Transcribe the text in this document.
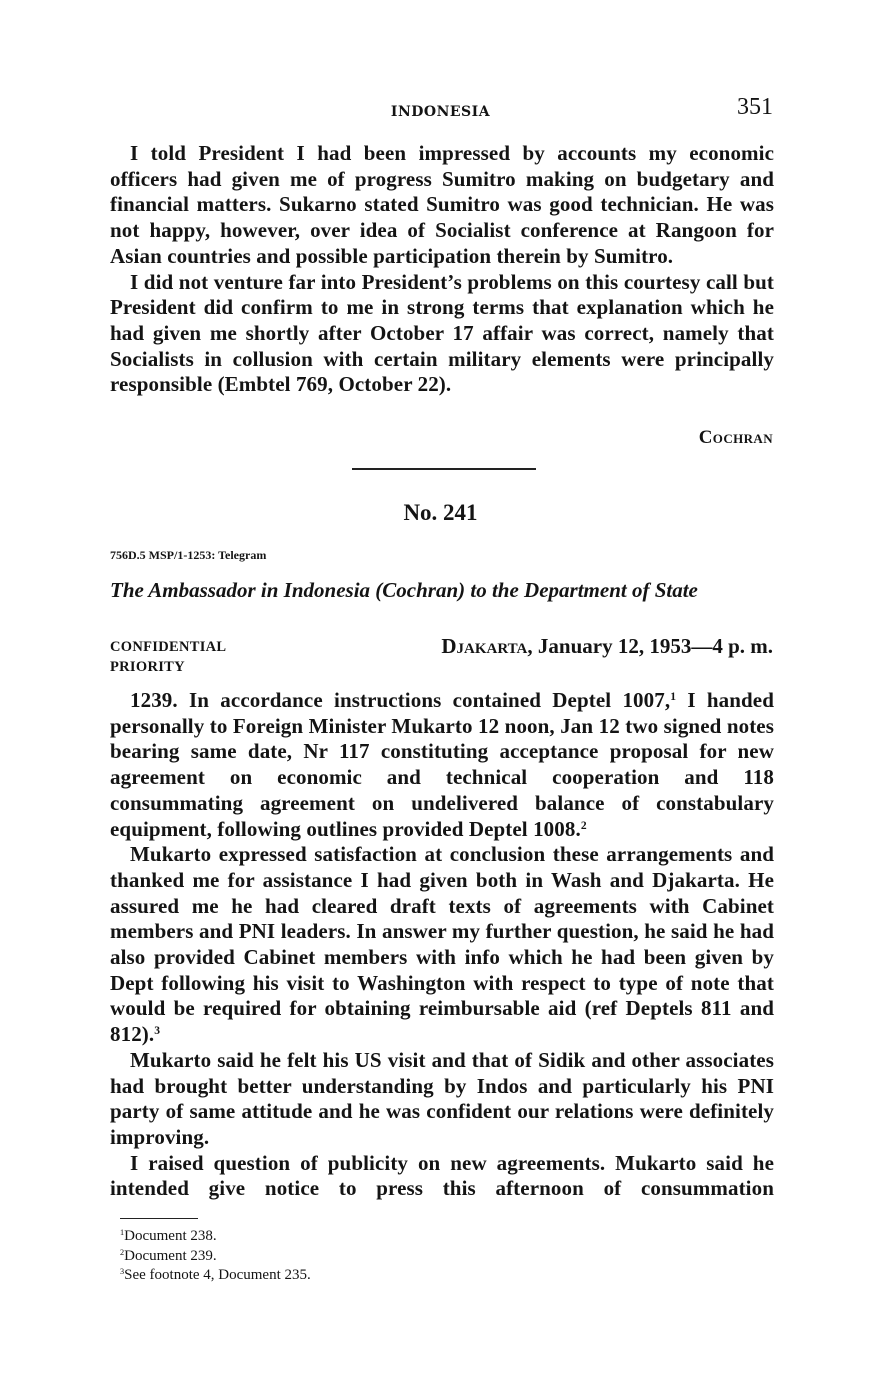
INDONESIA	351

I told President I had been impressed by accounts my economic officers had given me of progress Sumitro making on budgetary and financial matters. Sukarno stated Sumitro was good technician. He was not happy, however, over idea of Socialist conference at Rangoon for Asian countries and possible participation therein by Sumitro.

I did not venture far into President’s problems on this courtesy call but President did confirm to me in strong terms that explanation which he had given me shortly after October 17 affair was correct, namely that Socialists in collusion with certain military elements were principally responsible (Embtel 769, October 22).

Cochran
No. 241
756D.5 MSP/1-1253: Telegram
The Ambassador in Indonesia (Cochran) to the Department of State
CONFIDENTIAL
PRIORITY
Djakarta, January 12, 1953—4 p. m.

1239. In accordance instructions contained Deptel 1007,$^1$ I handed personally to Foreign Minister Mukarto 12 noon, Jan 12 two signed notes bearing same date, Nr 117 constituting acceptance proposal for new agreement on economic and technical cooperation and 118 consummating agreement on undelivered balance of constabulary equipment, following outlines provided Deptel 1008.$^2$

Mukarto expressed satisfaction at conclusion these arrangements and thanked me for assistance I had given both in Wash and Djakarta. He assured me he had cleared draft texts of agreements with Cabinet members and PNI leaders. In answer my further question, he said he had also provided Cabinet members with info which he had been given by Dept following his visit to Washington with respect to type of note that would be required for obtaining reimbursable aid (ref Deptels 811 and 812).$^3$

Mukarto said he felt his US visit and that of Sidik and other associates had brought better understanding by Indos and particularly his PNI party of same attitude and he was confident our relations were definitely improving.

I raised question of publicity on new agreements. Mukarto said he intended give notice to press this afternoon of consummation

$^1$Document 238.
$^2$Document 239.
$^3$See footnote 4, Document 235.
